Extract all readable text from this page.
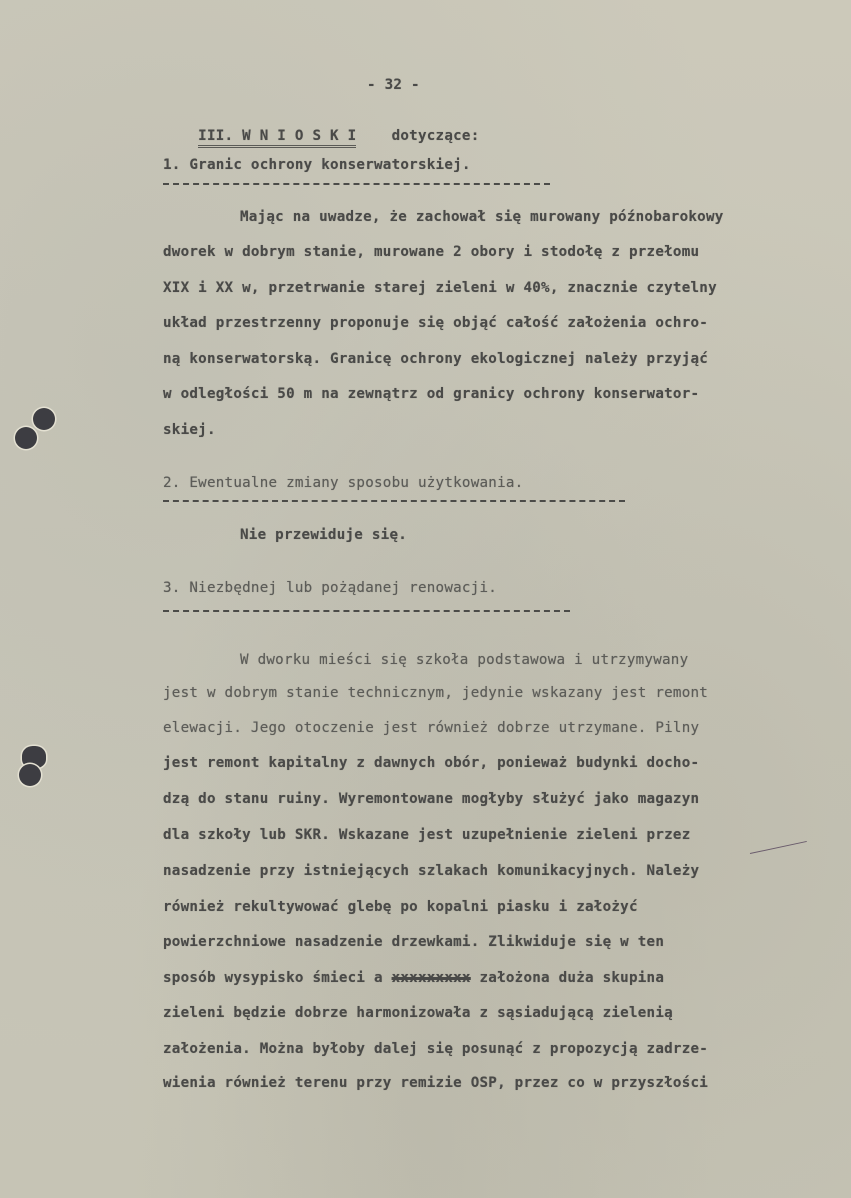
- 32 -

III. W N I O S K I dotyczące:

1. Granic ochrony konserwatorskiej.
Mając na uwadze, że zachował się murowany późnobarokowy
dworek w dobrym stanie, murowane 2 obory i stodołę z przełomu
XIX i XX w, przetrwanie starej zieleni w 40%, znacznie czytelny
układ przestrzenny proponuje się objąć całość założenia ochro-
ną konserwatorską. Granicę ochrony ekologicznej należy przyjąć
w odległości 50 m na zewnątrz od granicy ochrony konserwator-
skiej.
2. Ewentualne zmiany sposobu użytkowania.
Nie przewiduje się.
3. Niezbędnej lub pożądanej renowacji.
W dworku mieści się szkoła podstawowa i utrzymywany
jest w dobrym stanie technicznym, jedynie wskazany jest remont
elewacji. Jego otoczenie jest również dobrze utrzymane. Pilny
jest remont kapitalny z dawnych obór, ponieważ budynki docho-
dzą do stanu ruiny. Wyremontowane mogłyby służyć jako magazyn
dla szkoły lub SKR. Wskazane jest uzupełnienie zieleni przez
nasadzenie przy istniejących szlakach komunikacyjnych. Należy
również rekultywować glebę po kopalni piasku i założyć
powierzchniowe nasadzenie drzewkami. Zlikwiduje się w ten
sposób wysypisko śmieci a xxxxxxxxx założona duża skupina
zieleni będzie dobrze harmonizowała z sąsiadującą zielenią
założenia. Można byłoby dalej się posunąć z propozycją zadrze-
wienia również terenu przy remizie OSP, przez co w przyszłości
